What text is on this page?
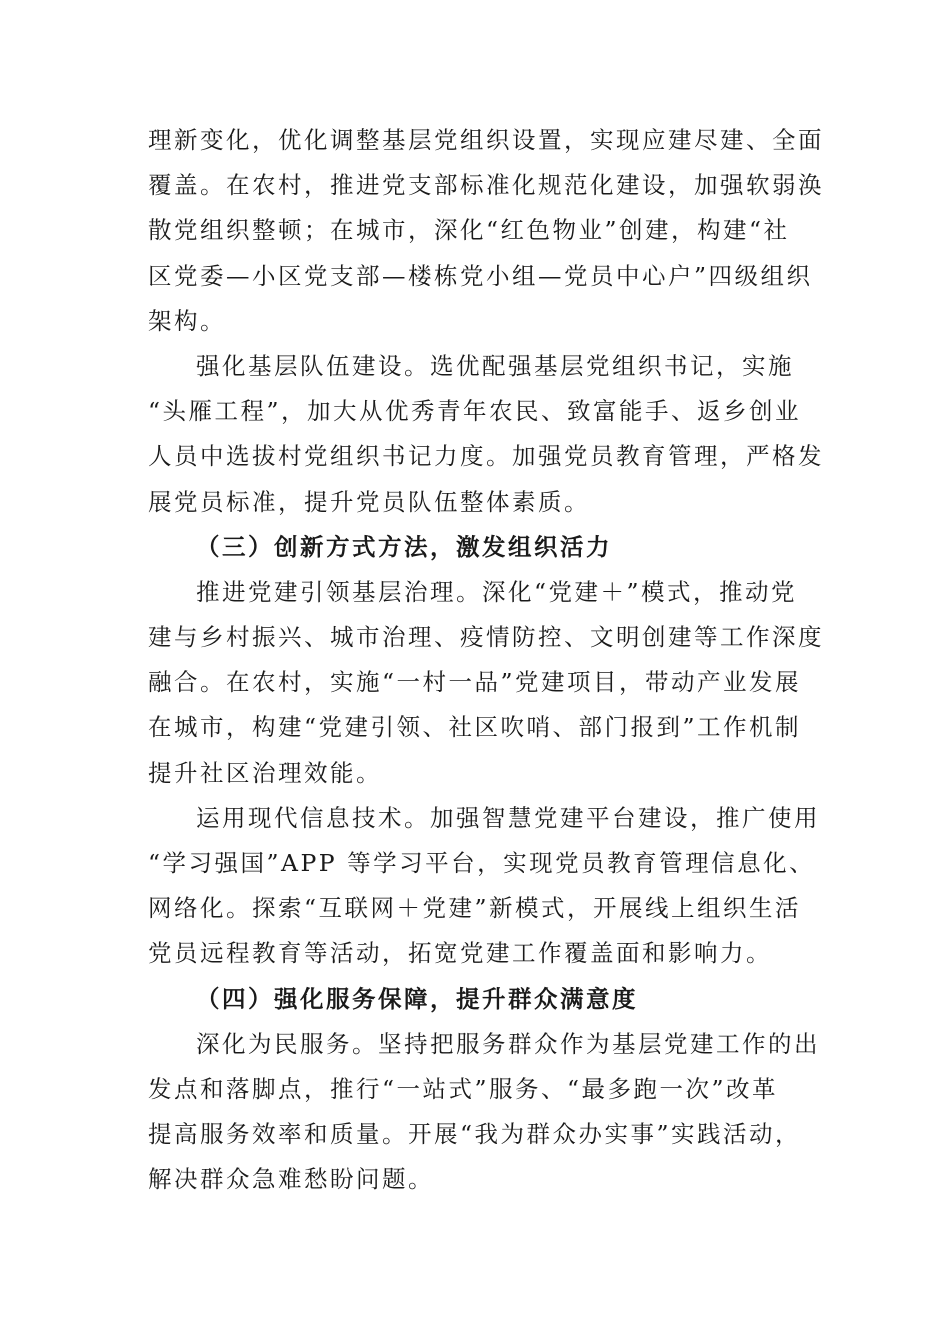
理新变化，优化调整基层党组织设置，实现应建尽建、全面
覆盖。在农村，推进党支部标准化规范化建设，加强软弱涣
散党组织整顿；在城市，深化“红色物业”创建，构建“社
区党委—小区党支部—楼栋党小组—党员中心户”四级组织
架构。
强化基层队伍建设。选优配强基层党组织书记，实施
“头雁工程”，加大从优秀青年农民、致富能手、返乡创业
人员中选拔村党组织书记力度。加强党员教育管理，严格发
展党员标准，提升党员队伍整体素质。
（三）创新方式方法，激发组织活力
推进党建引领基层治理。深化“党建＋”模式，推动党
建与乡村振兴、城市治理、疫情防控、文明创建等工作深度
融合。在农村，实施“一村一品”党建项目，带动产业发展
在城市，构建“党建引领、社区吹哨、部门报到”工作机制
提升社区治理效能。
运用现代信息技术。加强智慧党建平台建设，推广使用
“学习强国”APP 等学习平台，实现党员教育管理信息化、
网络化。探索“互联网＋党建”新模式，开展线上组织生活
党员远程教育等活动，拓宽党建工作覆盖面和影响力。
（四）强化服务保障，提升群众满意度
深化为民服务。坚持把服务群众作为基层党建工作的出
发点和落脚点，推行“一站式”服务、“最多跑一次”改革
提高服务效率和质量。开展“我为群众办实事”实践活动，
解决群众急难愁盼问题。
